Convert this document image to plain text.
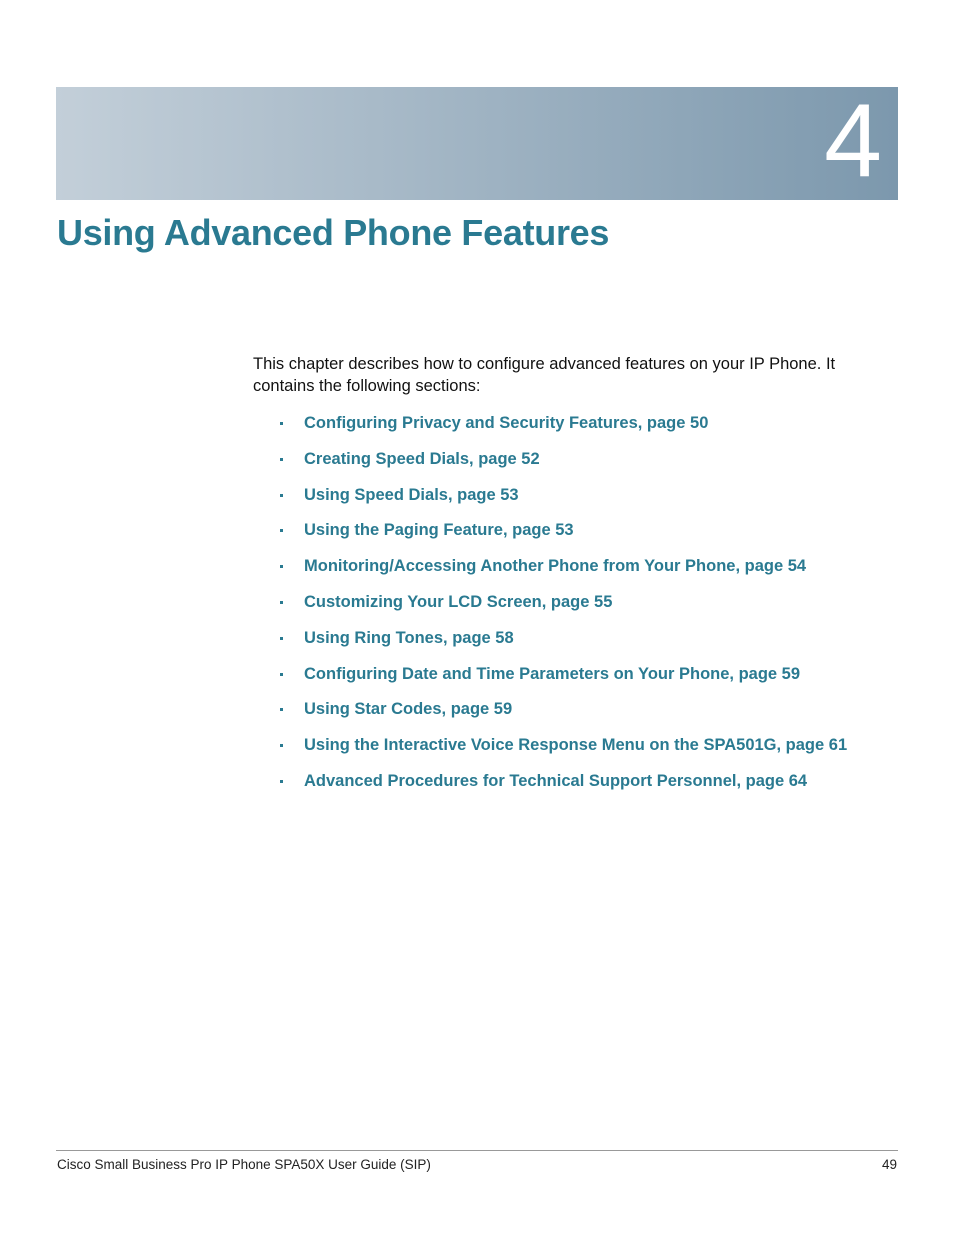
4
Using Advanced Phone Features

This chapter describes how to configure advanced features on your IP Phone. It contains the following sections:

Configuring Privacy and Security Features, page 50
Creating Speed Dials, page 52
Using Speed Dials, page 53
Using the Paging Feature, page 53
Monitoring/Accessing Another Phone from Your Phone, page 54
Customizing Your LCD Screen, page 55
Using Ring Tones, page 58
Configuring Date and Time Parameters on Your Phone, page 59
Using Star Codes, page 59
Using the Interactive Voice Response Menu on the SPA501G, page 61
Advanced Procedures for Technical Support Personnel, page 64
Cisco Small Business Pro IP Phone SPA50X User Guide (SIP)	49
